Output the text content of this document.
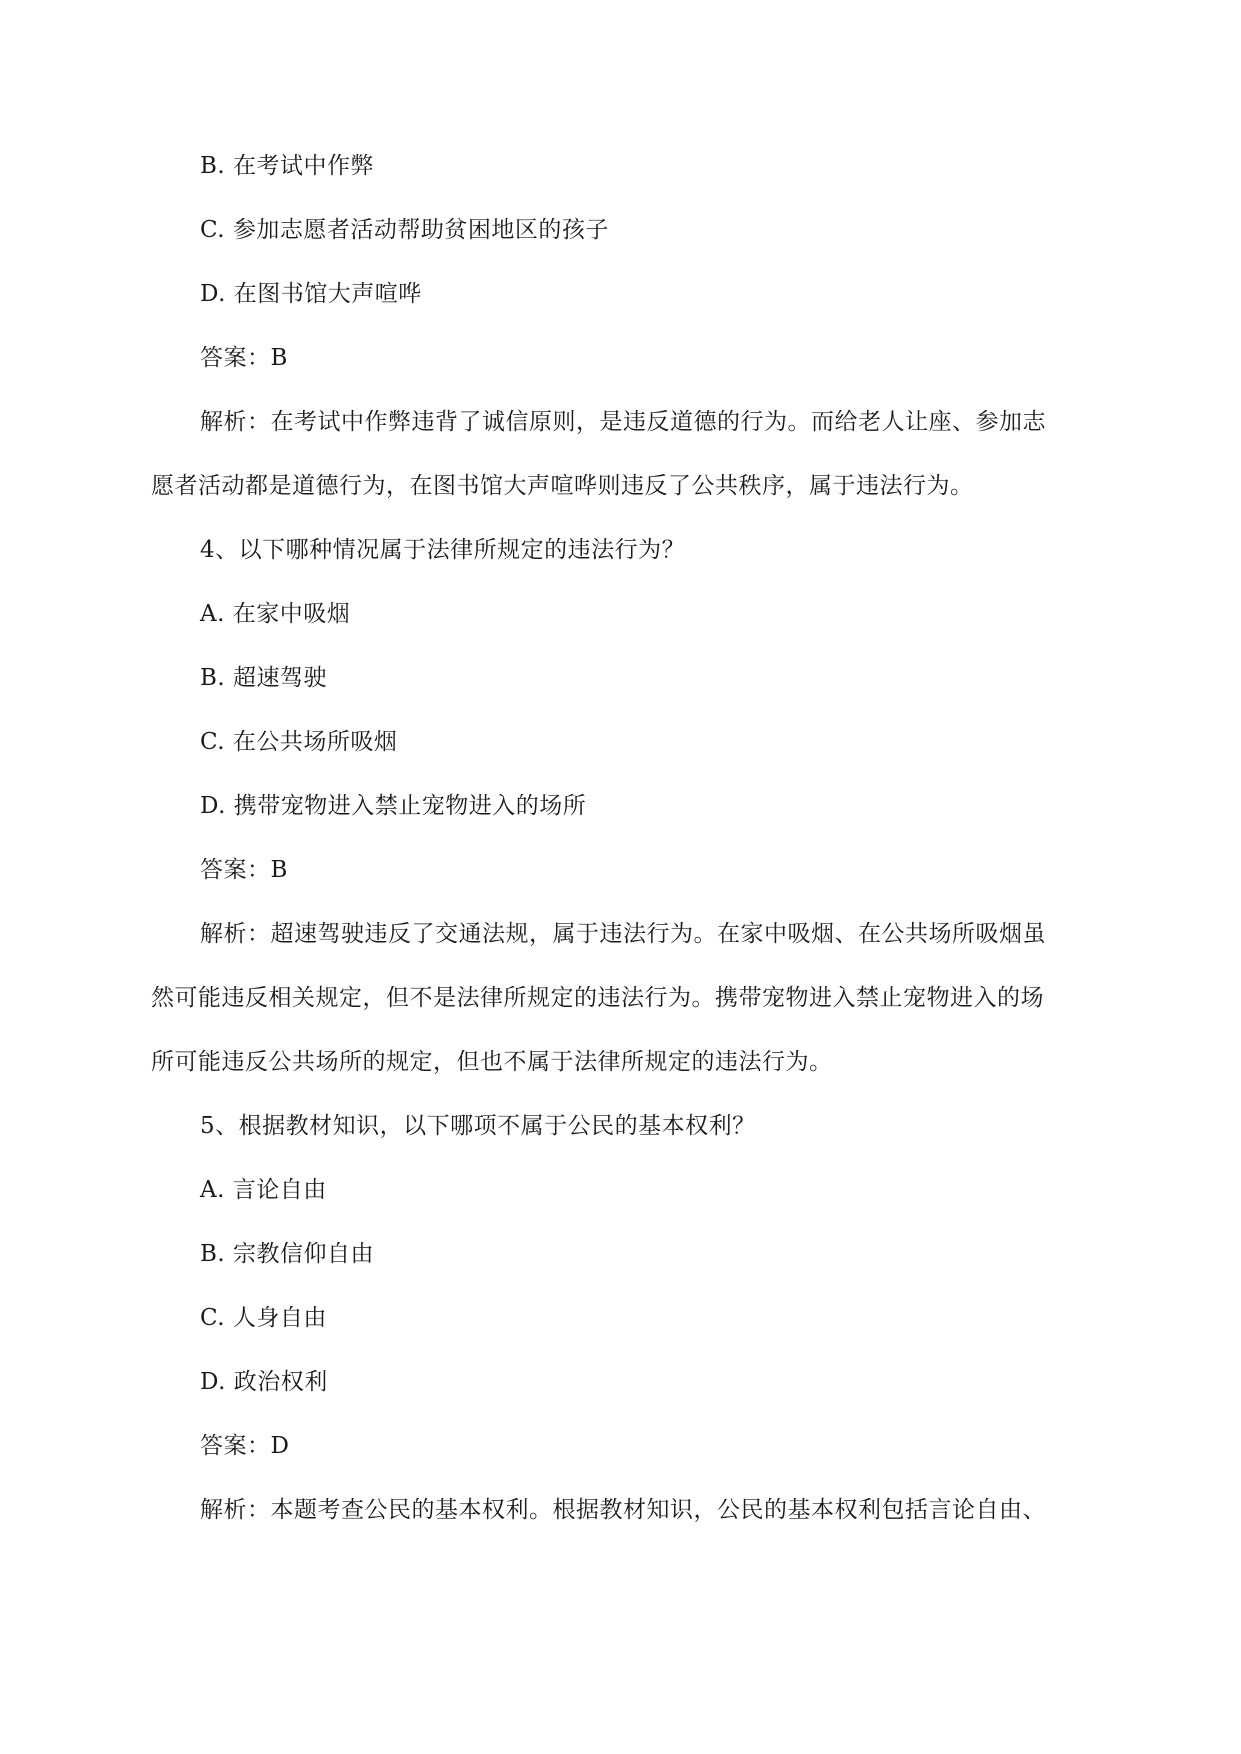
B. 在考试中作弊
C. 参加志愿者活动帮助贫困地区的孩子
D. 在图书馆大声喧哗
答案：B
解析：在考试中作弊违背了诚信原则，是违反道德的行为。而给老人让座、参加志
愿者活动都是道德行为，在图书馆大声喧哗则违反了公共秩序，属于违法行为。
4、以下哪种情况属于法律所规定的违法行为？
A. 在家中吸烟
B. 超速驾驶
C. 在公共场所吸烟
D. 携带宠物进入禁止宠物进入的场所
答案：B
解析：超速驾驶违反了交通法规，属于违法行为。在家中吸烟、在公共场所吸烟虽
然可能违反相关规定，但不是法律所规定的违法行为。携带宠物进入禁止宠物进入的场
所可能违反公共场所的规定，但也不属于法律所规定的违法行为。
5、根据教材知识，以下哪项不属于公民的基本权利？
A. 言论自由
B. 宗教信仰自由
C. 人身自由
D. 政治权利
答案：D
解析：本题考查公民的基本权利。根据教材知识，公民的基本权利包括言论自由、
